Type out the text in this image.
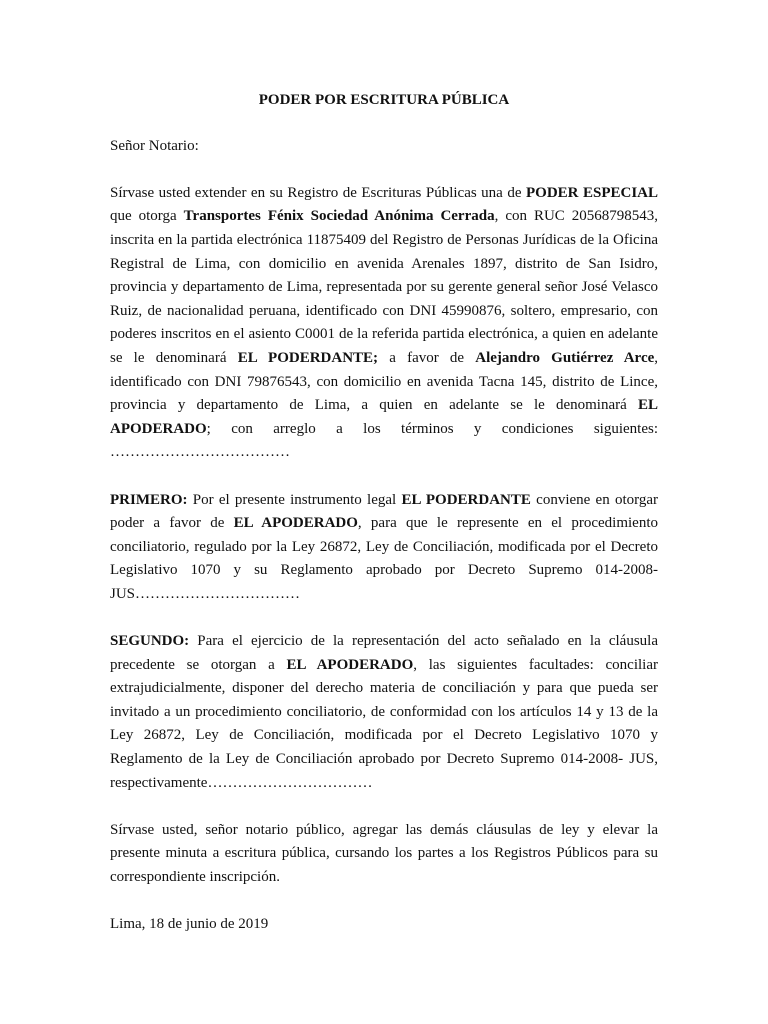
PODER POR ESCRITURA PÚBLICA
Señor Notario:
Sírvase usted extender en su Registro de Escrituras Públicas una de PODER ESPECIAL que otorga Transportes Fénix Sociedad Anónima Cerrada, con RUC 20568798543, inscrita en la partida electrónica 11875409 del Registro de Personas Jurídicas de la Oficina Registral de Lima, con domicilio en avenida Arenales 1897, distrito de San Isidro, provincia y departamento de Lima, representada por su gerente general señor José Velasco Ruiz, de nacionalidad peruana, identificado con DNI 45990876, soltero, empresario, con poderes inscritos en el asiento C0001 de la referida partida electrónica, a quien en adelante se le denominará EL PODERDANTE; a favor de Alejandro Gutiérrez Arce, identificado con DNI 79876543, con domicilio en avenida Tacna 145, distrito de Lince, provincia y departamento de Lima, a quien en adelante se le denominará EL APODERADO; con arreglo a los términos y condiciones siguientes: ………………………………
PRIMERO: Por el presente instrumento legal EL PODERDANTE conviene en otorgar poder a favor de EL APODERADO, para que le represente en el procedimiento conciliatorio, regulado por la Ley 26872, Ley de Conciliación, modificada por el Decreto Legislativo 1070 y su Reglamento aprobado por Decreto Supremo 014-2008- JUS……………………………
SEGUNDO: Para el ejercicio de la representación del acto señalado en la cláusula precedente se otorgan a EL APODERADO, las siguientes facultades: conciliar extrajudicialmente, disponer del derecho materia de conciliación y para que pueda ser invitado a un procedimiento conciliatorio, de conformidad con los artículos 14 y 13 de la Ley 26872, Ley de Conciliación, modificada por el Decreto Legislativo 1070 y Reglamento de la Ley de Conciliación aprobado por Decreto Supremo 014-2008- JUS, respectivamente……………………………
Sírvase usted, señor notario público, agregar las demás cláusulas de ley y elevar la presente minuta a escritura pública, cursando los partes a los Registros Públicos para su correspondiente inscripción.
Lima, 18 de junio de 2019
